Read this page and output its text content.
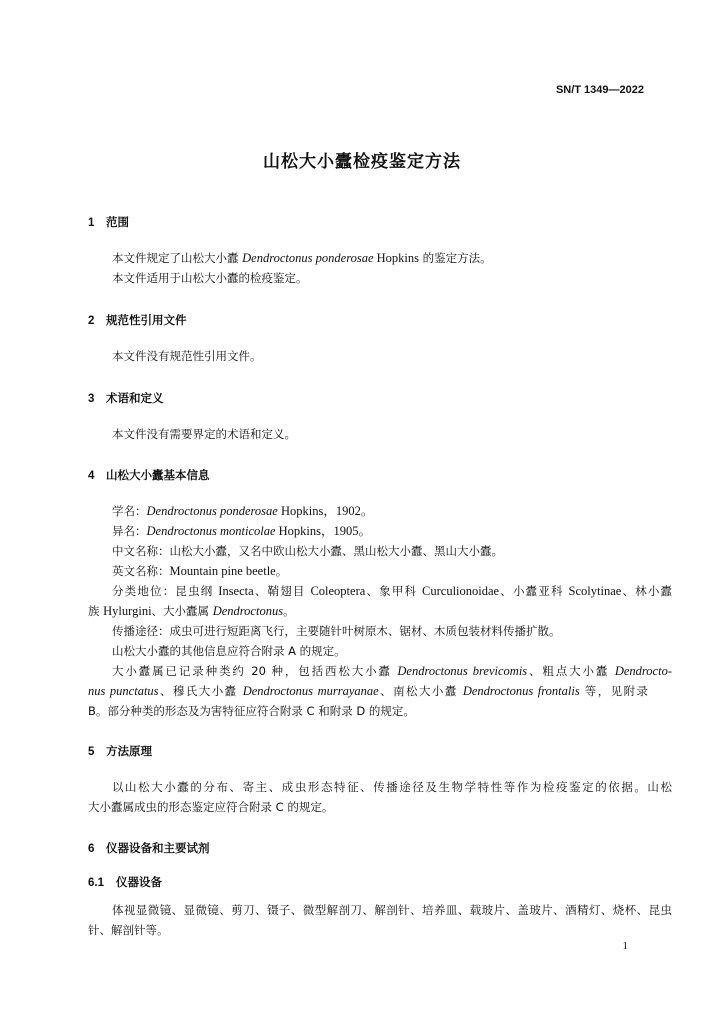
SN/T 1349—2022
山松大小蠹检疫鉴定方法
1 范围
本文件规定了山松大小蠹 Dendroctonus ponderosae Hopkins 的鉴定方法。
本文件适用于山松大小蠹的检疫鉴定。
2 规范性引用文件
本文件没有规范性引用文件。
3 术语和定义
本文件没有需要界定的术语和定义。
4 山松大小蠹基本信息
学名：Dendroctonus ponderosae Hopkins，1902。
异名：Dendroctonus monticolae Hopkins，1905。
中文名称：山松大小蠹，又名中欧山松大小蠹、黑山松大小蠹、黑山大小蠹。
英文名称：Mountain pine beetle。
分类地位：昆虫纲 Insecta、鞘翅目 Coleoptera、象甲科 Curculionoidae、小蠹亚科 Scolytinae、林小蠹
族 Hylurgini、大小蠹属 Dendroctonus。
传播途径：成虫可进行短距离飞行，主要随针叶树原木、锯材、木质包装材料传播扩散。
山松大小蠹的其他信息应符合附录 A 的规定。
大小蠹属已记录种类约 20 种，包括西松大小蠹 Dendroctonus brevicomis、粗点大小蠹 Dendrocto-
nus punctatus、穆氏大小蠹 Dendroctonus murrayanae、南松大小蠹 Dendroctonus frontalis 等，见附录
B。部分种类的形态及为害特征应符合附录 C 和附录 D 的规定。
5 方法原理
以山松大小蠹的分布、寄主、成虫形态特征、传播途径及生物学特性等作为检疫鉴定的依据。山松
大小蠹属成虫的形态鉴定应符合附录 C 的规定。
6 仪器设备和主要试剂
6.1 仪器设备
体视显微镜、显微镜、剪刀、镊子、微型解剖刀、解剖针、培养皿、载玻片、盖玻片、酒精灯、烧杯、昆虫
针、解剖针等。
1
